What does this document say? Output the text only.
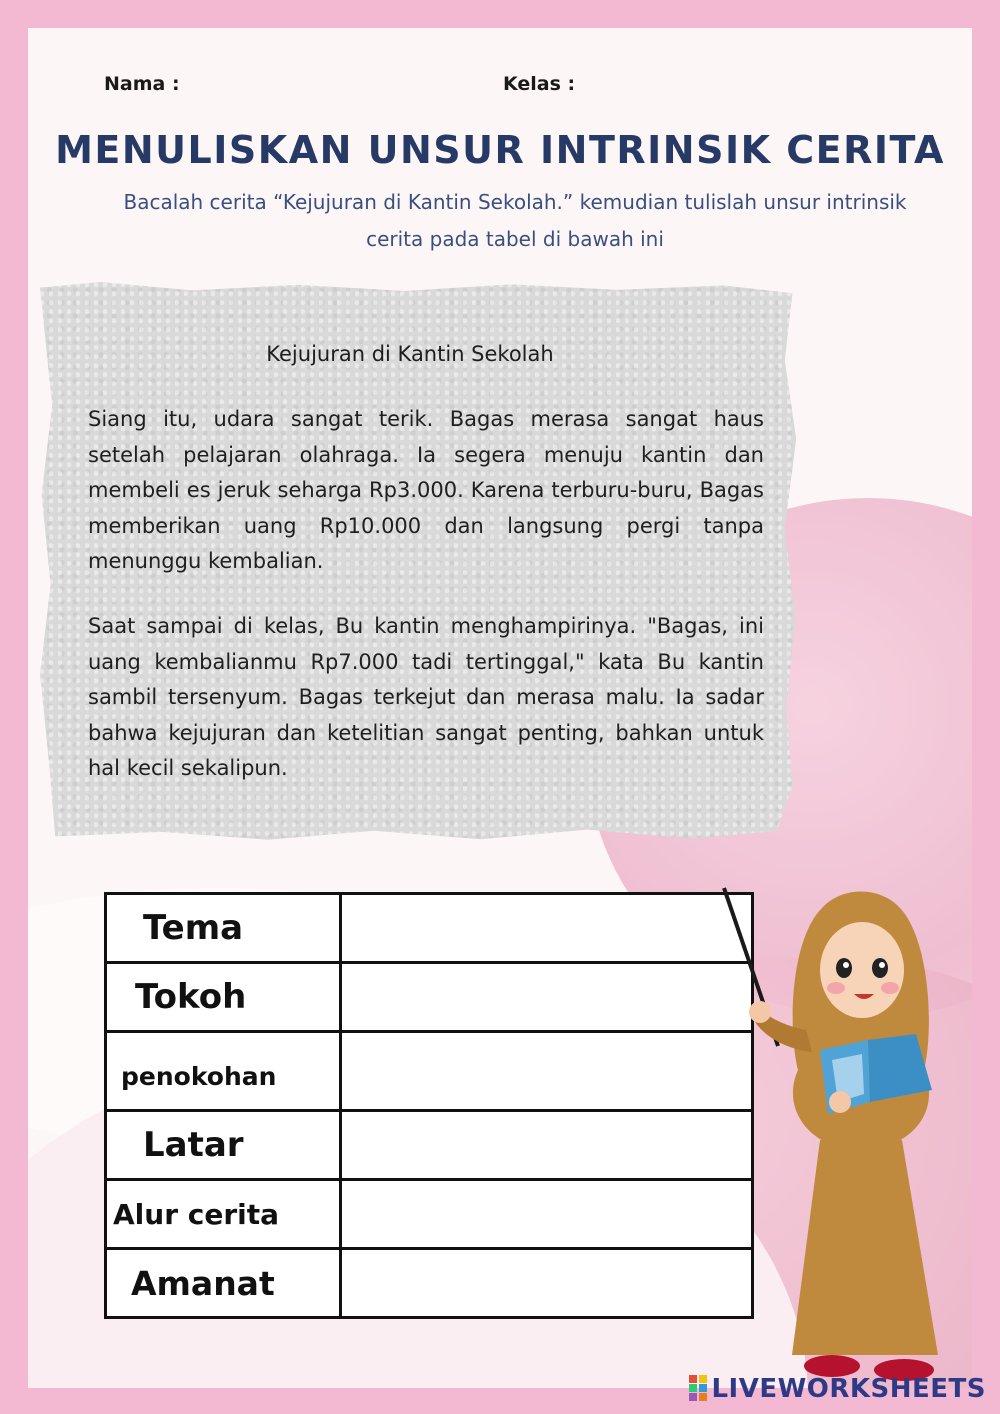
Nama :	Kelas :
MENULISKAN UNSUR INTRINSIK CERITA
Bacalah cerita “Kejujuran di Kantin Sekolah.” kemudian tulislah unsur intrinsik cerita pada tabel di bawah ini
Kejujuran di Kantin Sekolah
Siang itu, udara sangat terik. Bagas merasa sangat haus setelah pelajaran olahraga. Ia segera menuju kantin dan membeli es jeruk seharga Rp3.000. Karena terburu-buru, Bagas memberikan uang Rp10.000 dan langsung pergi tanpa menunggu kembalian.
Saat sampai di kelas, Bu kantin menghampirinya. "Bagas, ini uang kembalianmu Rp7.000 tadi tertinggal," kata Bu kantin sambil tersenyum. Bagas terkejut dan merasa malu. Ia sadar bahwa kejujuran dan ketelitian sangat penting, bahkan untuk hal kecil sekalipun.
Tema	
Tokoh	
penokohan	
Latar	
Alur cerita	
Amanat	
LIVEWORKSHEETS
